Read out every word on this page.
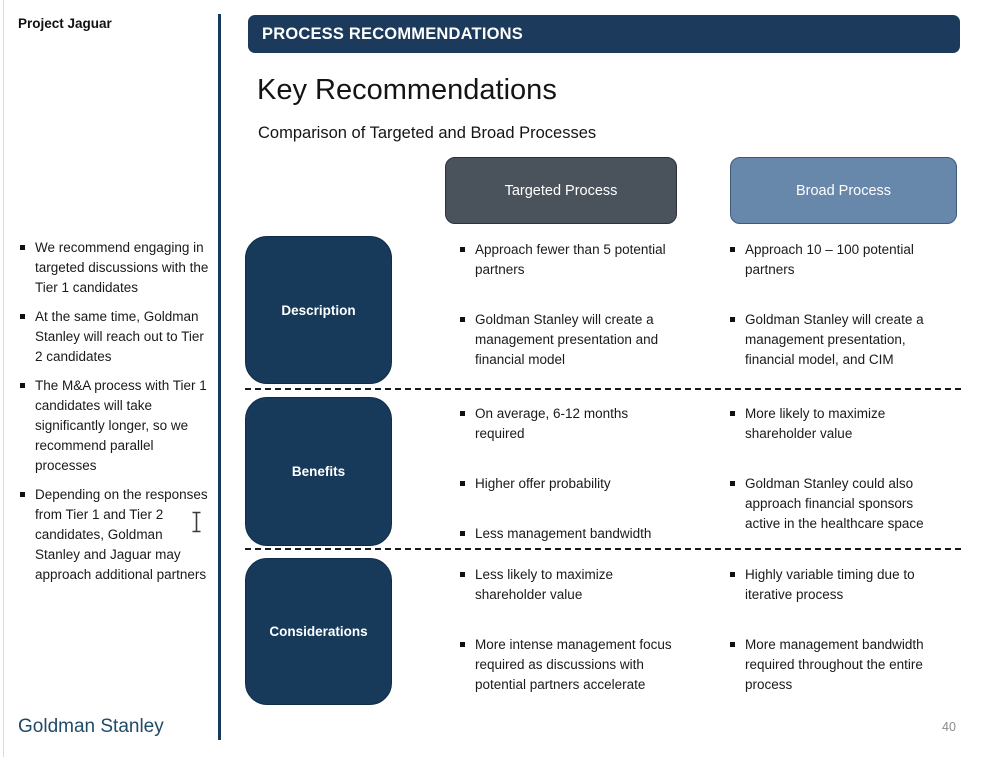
Project Jaguar
PROCESS RECOMMENDATIONS
Key Recommendations
Comparison of Targeted and Broad Processes
Targeted Process	Broad Process
Description
Benefits
Considerations
Approach fewer than 5 potential partners
Goldman Stanley will create a management presentation and financial model
Approach 10 – 100 potential partners
Goldman Stanley will create a management presentation, financial model, and CIM
On average, 6-12 months required
Higher offer probability
Less management bandwidth
More likely to maximize shareholder value
Goldman Stanley could also approach financial sponsors active in the healthcare space
Less likely to maximize shareholder value
More intense management focus required as discussions with potential partners accelerate
Highly variable timing due to iterative process
More management bandwidth required throughout the entire process
We recommend engaging in targeted discussions with the Tier 1 candidates
At the same time, Goldman Stanley will reach out to Tier 2 candidates
The M&A process with Tier 1 candidates will take significantly longer, so we recommend parallel processes
Depending on the responses from Tier 1 and Tier 2 candidates, Goldman Stanley and Jaguar may approach additional partners
Goldman Stanley	40
